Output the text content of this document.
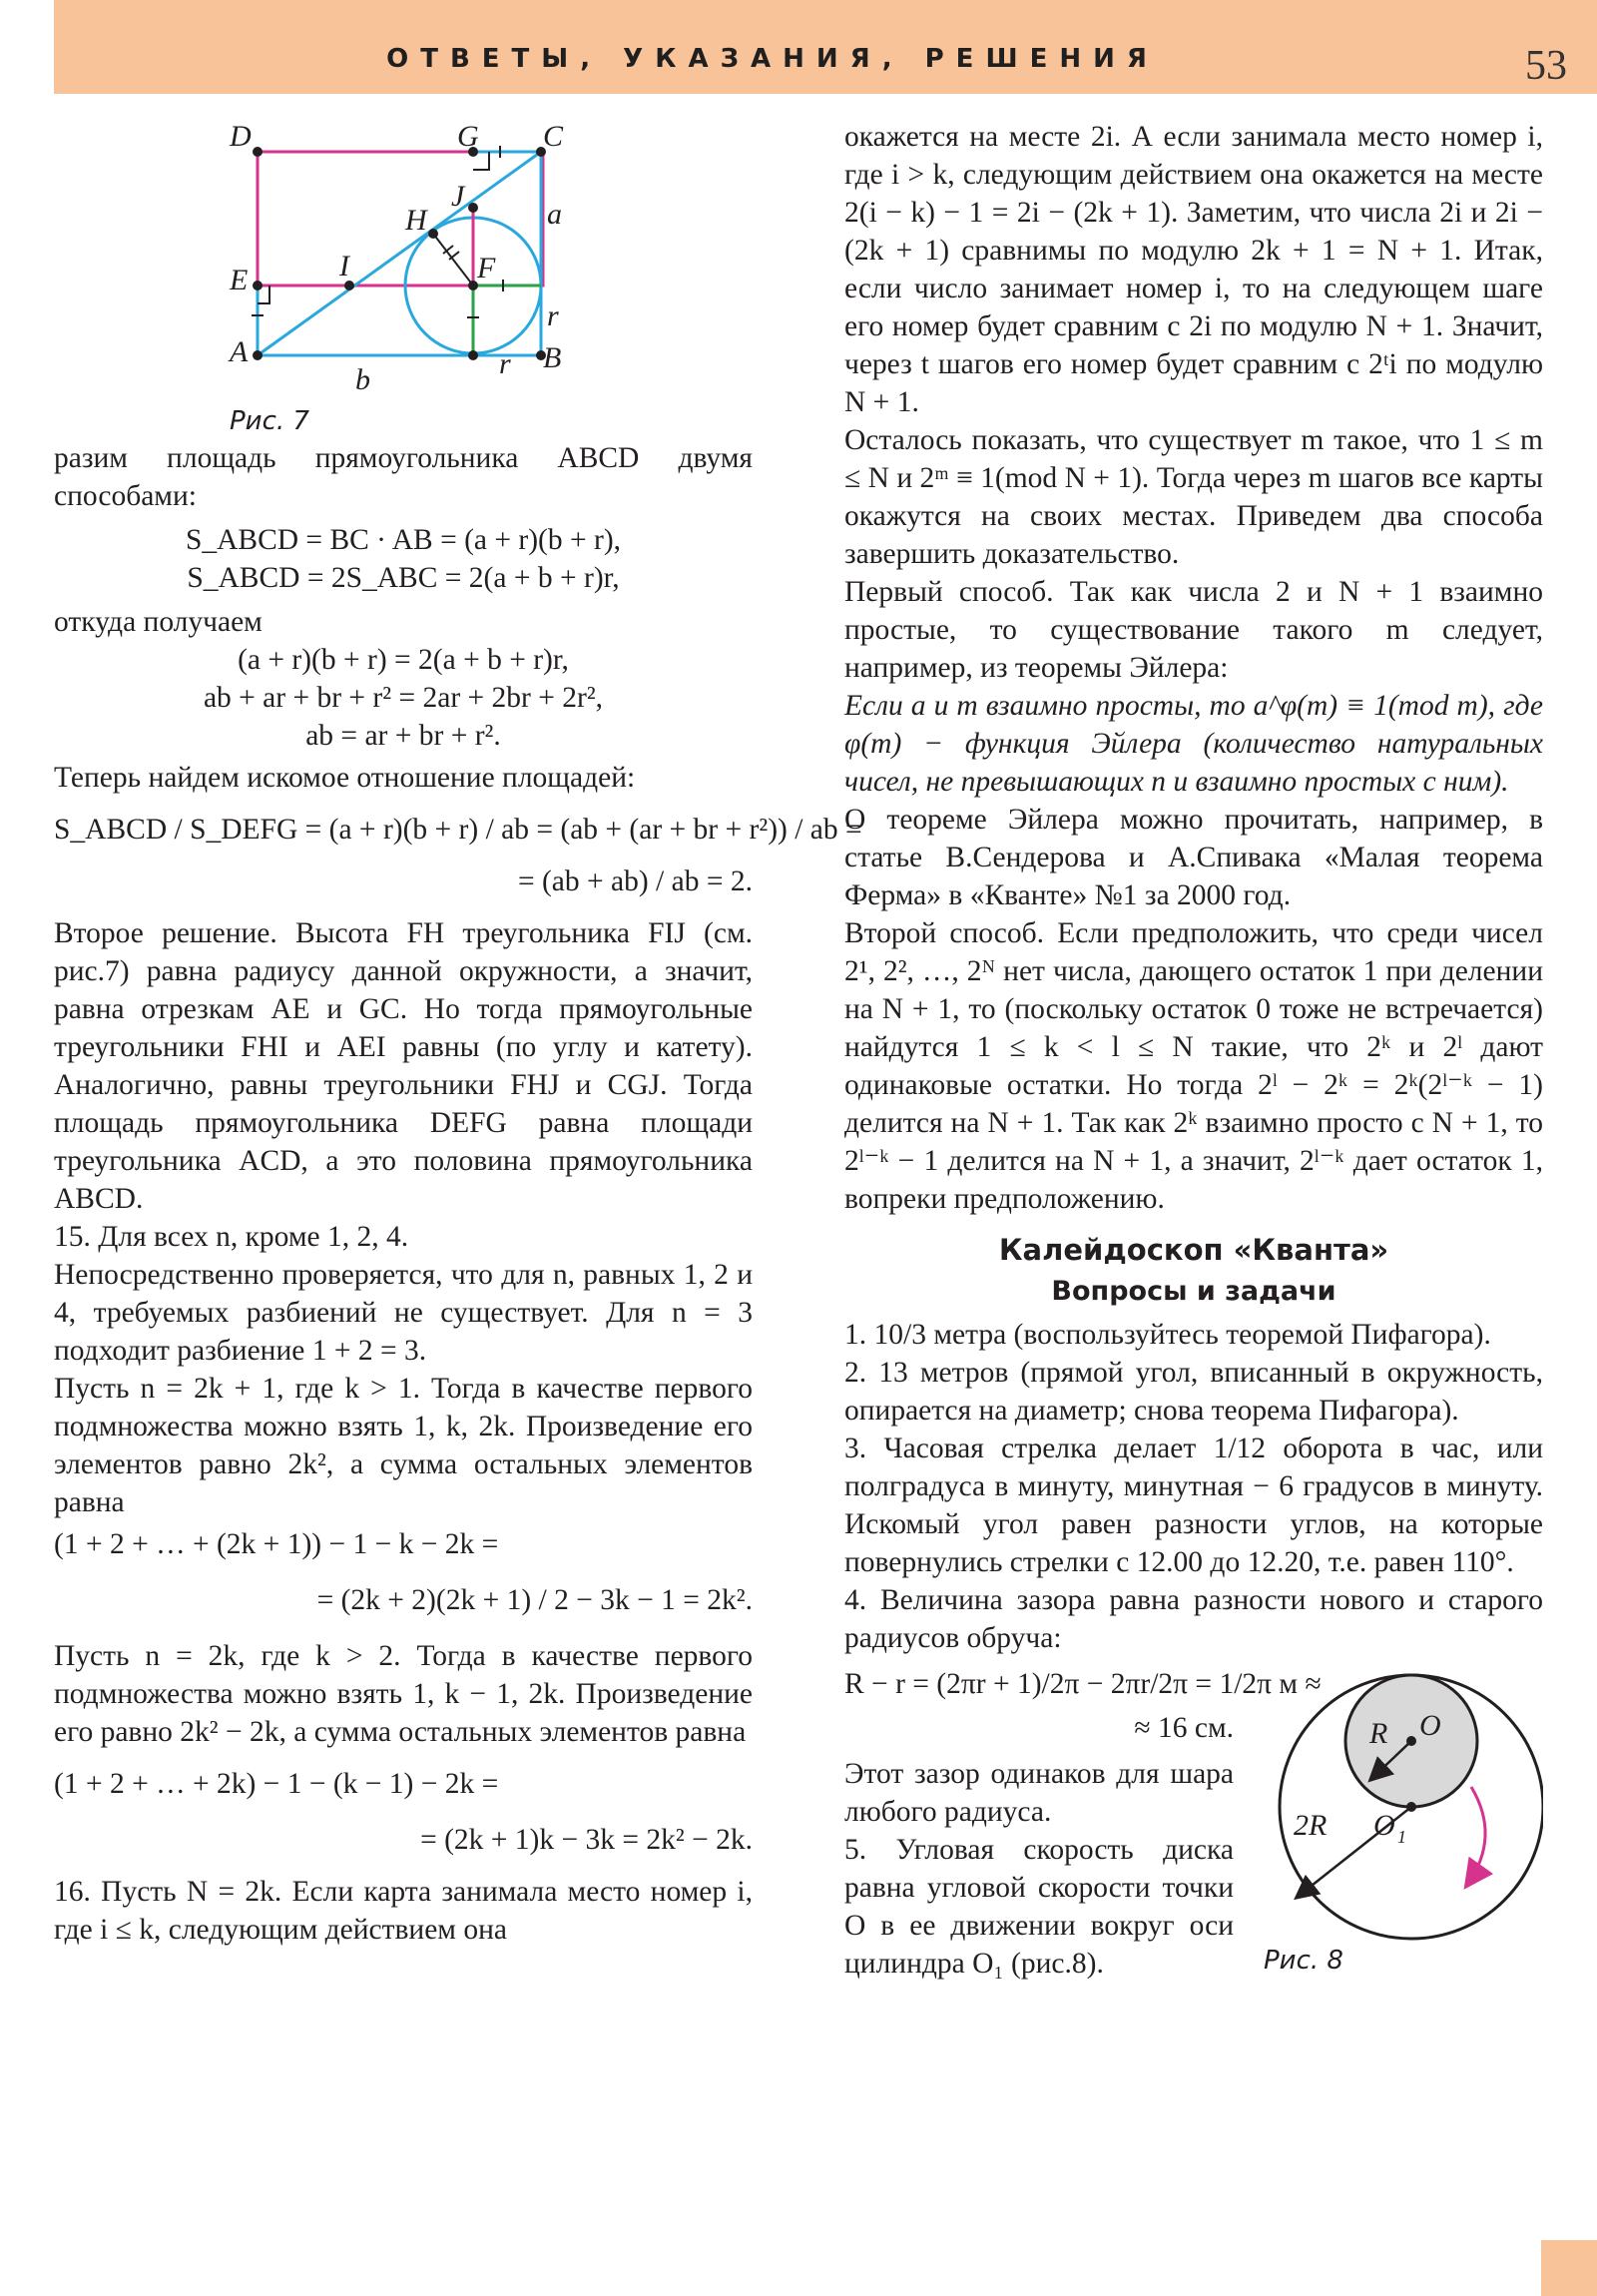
ОТВЕТЫ, УКАЗАНИЯ, РЕШЕНИЯ	53
D	G C
J
H	a
E	I	F
r
A
b	r B
Рис. 7

разим площадь прямоугольника ABCD двумя способами:

S_ABCD = BC · AB = (a + r)(b + r),

S_ABCD = 2S_ABC = 2(a + b + r)r,

откуда получаем

(a + r)(b + r) = 2(a + b + r)r,

ab + ar + br + r² = 2ar + 2br + 2r²,

ab = ar + br + r².

Теперь найдем искомое отношение площадей:

S_ABCD / S_DEFG = (a + r)(b + r) / ab = (ab + (ar + br + r²)) / ab =

= (ab + ab) / ab = 2.

Второе решение. Высота FH треугольника FIJ (см. рис.7) равна радиусу данной окружности, а значит, равна отрезкам AE и GC. Но тогда прямоугольные треугольники FHI и AEI равны (по углу и катету). Аналогично, равны треугольники FHJ и CGJ. Тогда площадь прямоугольника DEFG равна площади треугольника ACD, а это половина прямоугольника ABCD.

15. Для всех n, кроме 1, 2, 4.

Непосредственно проверяется, что для n, равных 1, 2 и 4, требуемых разбиений не существует. Для n = 3 подходит разбиение 1 + 2 = 3.

Пусть n = 2k + 1, где k > 1. Тогда в качестве первого подмножества можно взять 1, k, 2k. Произведение его элементов равно 2k², а сумма остальных элементов равна

(1 + 2 + … + (2k + 1)) − 1 − k − 2k =

= (2k + 2)(2k + 1) / 2 − 3k − 1 = 2k².

Пусть n = 2k, где k > 2. Тогда в качестве первого подмножества можно взять 1, k − 1, 2k. Произведение его равно 2k² − 2k, а сумма остальных элементов равна

(1 + 2 + … + 2k) − 1 − (k − 1) − 2k =

= (2k + 1)k − 3k = 2k² − 2k.

16. Пусть N = 2k. Если карта занимала место номер i, где i ≤ k, следующим действием она

окажется на месте 2i. А если занимала место номер i, где i > k, следующим действием она окажется на месте 2(i − k) − 1 = 2i − (2k + 1). Заметим, что числа 2i и 2i − (2k + 1) сравнимы по модулю 2k + 1 = N + 1. Итак, если число занимает номер i, то на следующем шаге его номер будет сравним с 2i по модулю N + 1. Значит, через t шагов его номер будет сравним с 2ᵗi по модулю N + 1.

Осталось показать, что существует m такое, что 1 ≤ m ≤ N и 2ᵐ ≡ 1(mod N + 1). Тогда через m шагов все карты окажутся на своих местах. Приведем два способа завершить доказательство.

Первый способ. Так как числа 2 и N + 1 взаимно простые, то существование такого m следует, например, из теоремы Эйлера:

Если a и m взаимно просты, то a^φ(m) ≡ 1(mod m), где φ(m) − функция Эйлера (количество натуральных чисел, не превышающих n и взаимно простых с ним).

О теореме Эйлера можно прочитать, например, в статье В.Сендерова и А.Спивака «Малая теорема Ферма» в «Кванте» №1 за 2000 год.

Второй способ. Если предположить, что среди чисел 2¹, 2², …, 2ᴺ нет числа, дающего остаток 1 при делении на N + 1, то (поскольку остаток 0 тоже не встречается) найдутся 1 ≤ k < l ≤ N такие, что 2ᵏ и 2ˡ дают одинаковые остатки. Но тогда 2ˡ − 2ᵏ = 2ᵏ(2ˡ⁻ᵏ − 1) делится на N + 1. Так как 2ᵏ взаимно просто с N + 1, то 2ˡ⁻ᵏ − 1 делится на N + 1, а значит, 2ˡ⁻ᵏ дает остаток 1, вопреки предположению.

Калейдоскоп «Кванта»
Вопросы и задачи

1. 10/3 метра (воспользуйтесь теоремой Пифагора).

2. 13 метров (прямой угол, вписанный в окружность, опирается на диаметр; снова теорема Пифагора).

3. Часовая стрелка делает 1/12 оборота в час, или полградуса в минуту, минутная − 6 градусов в минуту. Искомый угол равен разности углов, на которые повернулись стрелки с 12.00 до 12.20, т.е. равен 110°.

4. Величина зазора равна разности нового и старого радиусов обруча:

R O
2R O 1
Рис. 8

R − r = (2πr + 1)/2π − 2πr/2π = 1/2π м ≈

≈ 16 см.

Этот зазор одинаков для шара любого радиуса.

5. Угловая скорость диска равна угловой скорости точки O в ее движении вокруг оси цилиндра O₁ (рис.8).
